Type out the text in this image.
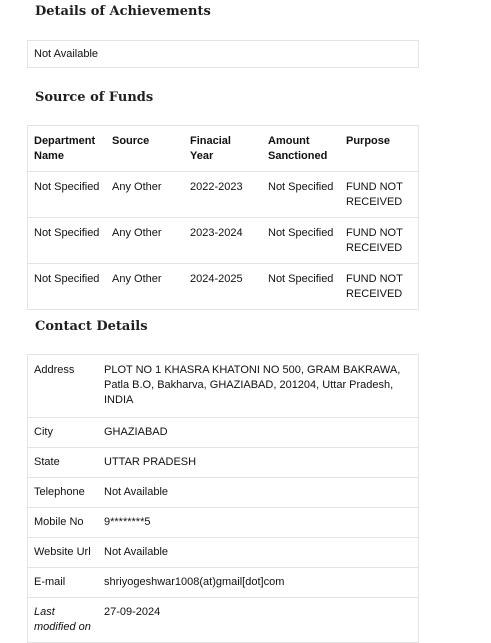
Details of Achievements
Not Available
Source of Funds
Department Name	Source	Finacial Year	Amount Sanctioned	Purpose
Not Specified	Any Other	2022-2023	Not Specified	FUND NOT RECEIVED
Not Specified	Any Other	2023-2024	Not Specified	FUND NOT RECEIVED
Not Specified	Any Other	2024-2025	Not Specified	FUND NOT RECEIVED
Contact Details
Address	PLOT NO 1 KHASRA KHATONI NO 500, GRAM BAKRAWA, Patla B.O, Bakharva, GHAZIABAD, 201204, Uttar Pradesh, INDIA
City	GHAZIABAD
State	UTTAR PRADESH
Telephone	Not Available
Mobile No	9********5
Website Url	Not Available
E-mail	shriyogeshwar1008(at)gmail[dot]com
Last modified on	27-09-2024
